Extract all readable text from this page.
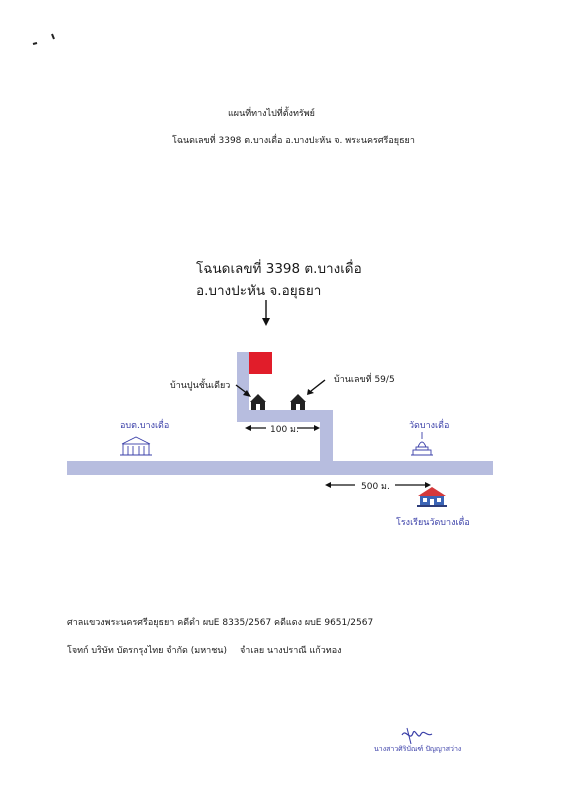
แผนที่ทางไปที่ตั้งทรัพย์
โฉนดเลขที่ 3398 ต.บางเดื่อ อ.บางปะหัน จ. พระนครศรีอยุธยา
โฉนดเลขที่ 3398 ต.บางเดื่อ
อ.บางปะหัน จ.อยุธยา
บ้านปูนชั้นเดียว
บ้านเลขที่ 59/5
อบต.บางเดื่อ	วัดบางเดื่อ
100 ม.
500 ม.
โรงเรียนวัดบางเดื่อ
ศาลแขวงพระนครศรีอยุธยา คดีดำ ผบE 8335/2567 คดีแดง ผบE 9651/2567
โจทก์ บริษัท บัตรกรุงไทย จำกัด (มหาชน) จำเลย นางปราณี แก้วทอง
นางสาวศิริบัณฑ์ ปัญญาสว่าง
